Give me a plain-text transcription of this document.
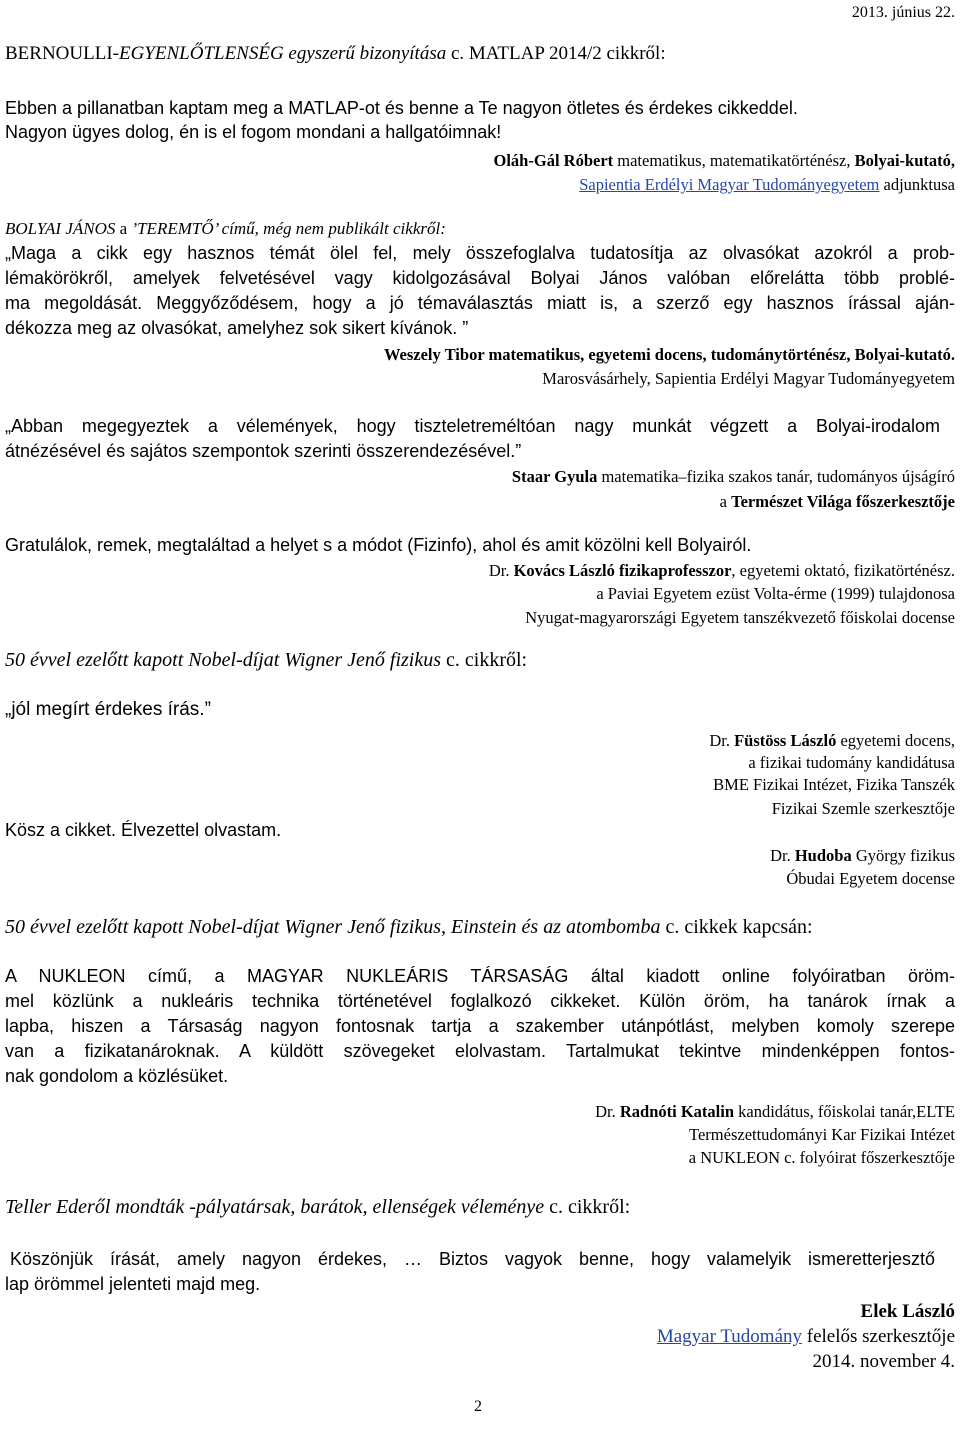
2013. június 22.
BERNOULLI-EGYENLŐTLENSÉG egyszerű bizonyítása c. MATLAP 2014/2 cikkről:
Ebben a pillanatban kaptam meg a MATLAP-ot és benne a Te nagyon ötletes és érdekes cikkeddel.
Nagyon ügyes dolog, én is el fogom mondani a hallgatóimnak!
Oláh-Gál Róbert matematikus, matematikatörténész, Bolyai-kutató,
Sapientia Erdélyi Magyar Tudományegyetem adjunktusa
BOLYAI JÁNOS a ’TEREMTŐ’ című, még nem publikált cikkről:
„Maga a cikk egy hasznos témát ölel fel, mely összefoglalva tudatosítja az olvasókat azokról a prob-
lémakörökről, amelyek felvetésével vagy kidolgozásával Bolyai János valóban előrelátta több problé-
ma megoldását. Meggyőződésem, hogy a jó témaválasztás miatt is, a szerző egy hasznos írással aján-
dékozza meg az olvasókat, amelyhez sok sikert kívánok. ”
Weszely Tibor matematikus, egyetemi docens, tudománytörténész, Bolyai-kutató.
Marosvásárhely, Sapientia Erdélyi Magyar Tudományegyetem
„Abban megegyeztek a vélemények, hogy tiszteletreméltóan nagy munkát végzett a Bolyai-irodalom
átnézésével és sajátos szempontok szerinti összerendezésével.”
Staar Gyula matematika–fizika szakos tanár, tudományos újságíró
a Természet Világa főszerkesztője
Gratulálok, remek, megtaláltad a helyet s a módot (Fizinfo), ahol és amit közölni kell Bolyairól.
Dr. Kovács László fizikaprofesszor, egyetemi oktató, fizikatörténész.
a Paviai Egyetem ezüst Volta-érme (1999) tulajdonosa
Nyugat-magyarországi Egyetem tanszékvezető főiskolai docense
50 évvel ezelőtt kapott Nobel-díjat Wigner Jenő fizikus c. cikkről:
„jól megírt érdekes írás.”
Dr. Füstöss László egyetemi docens,
a fizikai tudomány kandidátusa
BME Fizikai Intézet, Fizika Tanszék
Fizikai Szemle szerkesztője
Kösz a cikket. Élvezettel olvastam.
Dr. Hudoba György fizikus
Óbudai Egyetem docense
50 évvel ezelőtt kapott Nobel-díjat Wigner Jenő fizikus, Einstein és az atombomba c. cikkek kapcsán:
A NUKLEON című, a MAGYAR NUKLEÁRIS TÁRSASÁG által kiadott online folyóiratban öröm-
mel közlünk a nukleáris technika történetével foglalkozó cikkeket. Külön öröm, ha tanárok írnak a
lapba, hiszen a Társaság nagyon fontosnak tartja a szakember utánpótlást, melyben komoly szerepe
van a fizikatanároknak. A küldött szövegeket elolvastam. Tartalmukat tekintve mindenképpen fontos-
nak gondolom a közlésüket.
Dr. Radnóti Katalin kandidátus, főiskolai tanár,ELTE
Természettudományi Kar Fizikai Intézet
a NUKLEON c. folyóirat főszerkesztője
Teller Ederől mondták -pályatársak, barátok, ellenségek véleménye c. cikkről:
Köszönjük írását, amely nagyon érdekes, … Biztos vagyok benne, hogy valamelyik ismeretterjesztő
lap örömmel jelenteti majd meg.
Elek László
Magyar Tudomány felelős szerkesztője
2014. november 4.
2
